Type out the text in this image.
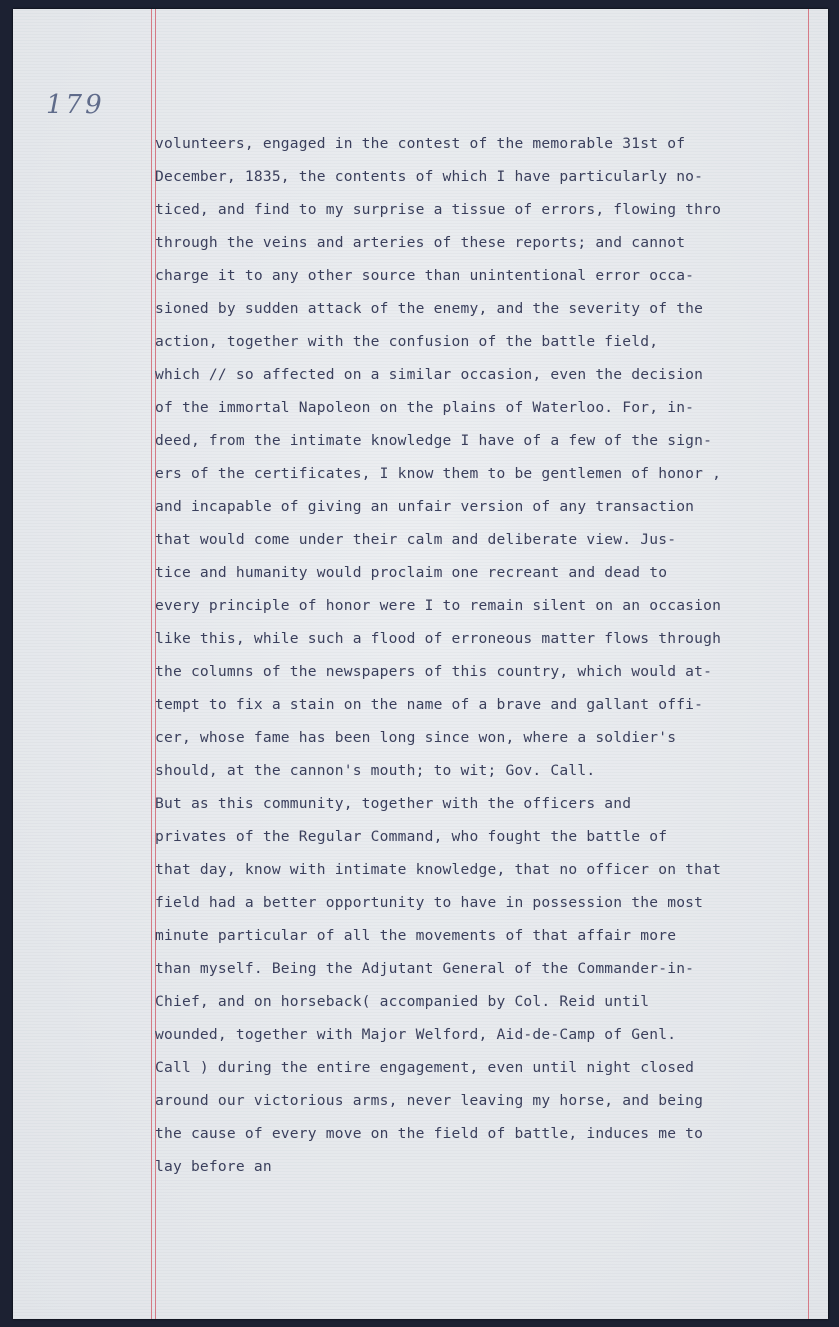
179
volunteers, engaged in the contest of the memorable 31st of
December, 1835, the contents of which I have particularly no-
ticed, and find to my surprise a tissue of errors, flowing thro
through the veins and arteries of these reports; and cannot
charge it to any other source than unintentional error occa-
sioned by sudden attack of the enemy, and the severity of the
action, together with the confusion of the battle field,
which // so affected on a similar occasion, even the decision
of the immortal Napoleon on the plains of Waterloo. For, in-
deed, from the intimate knowledge I have of a few of the sign-
ers of the certificates, I know them to be gentlemen of honor ,
and incapable of giving an unfair version of any transaction
that would come under their calm and deliberate view. Jus-
tice and humanity would proclaim one recreant and dead to
every principle of honor were I to remain silent on an occasion
like this, while such a flood of erroneous matter flows through
the columns of the newspapers of this country, which would at-
tempt to fix a stain on the name of a brave and gallant offi-
cer, whose fame has been long since won, where a soldier's
should, at the cannon's mouth; to wit; Gov. Call.
But as this community, together with the officers and
privates of the Regular Command, who fought the battle of
that day, know with intimate knowledge, that no officer on that
field had a better opportunity to have in possession the most
minute particular of all the movements of that affair more
than myself. Being the Adjutant General of the Commander-in-
Chief, and on horseback( accompanied by Col. Reid until
wounded, together with Major Welford, Aid-de-Camp of Genl.
Call ) during the entire engagement, even until night closed
around our victorious arms, never leaving my horse, and being
the cause of every move on the field of battle, induces me to
lay before an
